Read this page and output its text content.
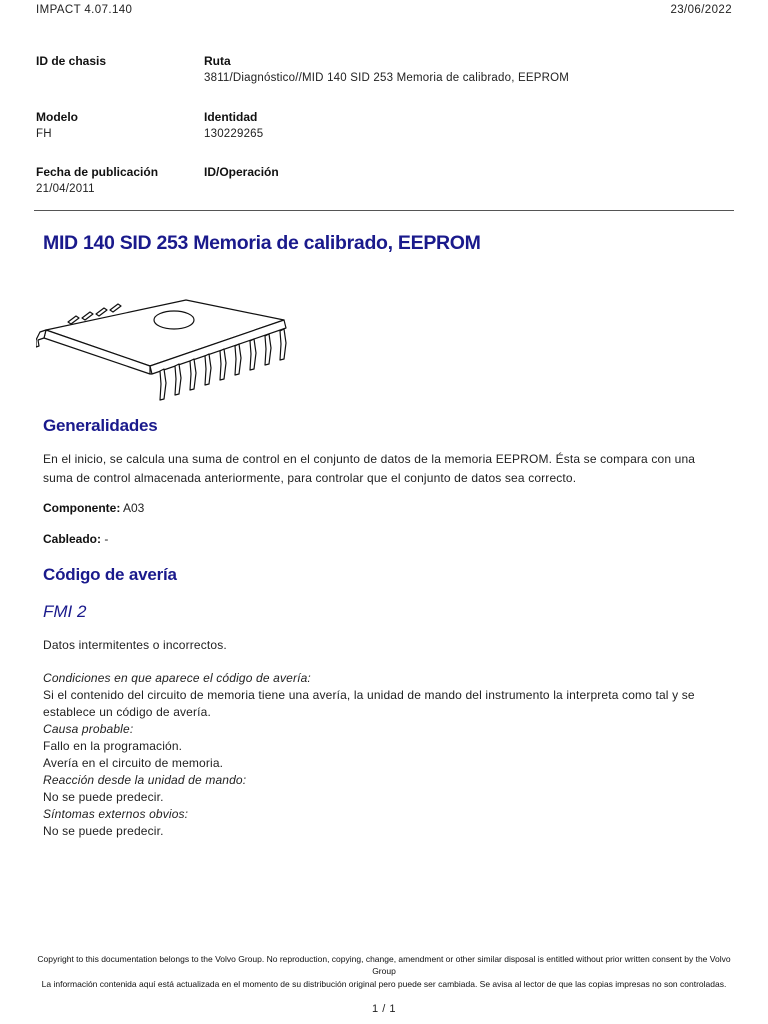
IMPACT 4.07.140	23/06/2022
ID de chasis	Ruta
3811/Diagnóstico//MID 140 SID 253 Memoria de calibrado, EEPROM
Modelo
FH
Identidad
130229265
Fecha de publicación
21/04/2011
ID/Operación
MID 140 SID 253 Memoria de calibrado, EEPROM
Generalidades

En el inicio, se calcula una suma de control en el conjunto de datos de la memoria EEPROM. Ésta se compara con una suma de control almacenada anteriormente, para controlar que el conjunto de datos sea correcto.

Componente: A03
Cableado: -
Código de avería
FMI 2

Datos intermitentes o incorrectos.

Condiciones en que aparece el código de avería:
Si el contenido del circuito de memoria tiene una avería, la unidad de mando del instrumento la interpreta como tal y se establece un código de avería.
Causa probable:
Fallo en la programación.
Avería en el circuito de memoria.
Reacción desde la unidad de mando:
No se puede predecir.
Síntomas externos obvios:
No se puede predecir.
Copyright to this documentation belongs to the Volvo Group. No reproduction, copying, change, amendment or other similar disposal is entitled without prior written consent by the Volvo Group
La información contenida aquí está actualizada en el momento de su distribución original pero puede ser cambiada. Se avisa al lector de que las copias impresas no son controladas.
1 / 1
